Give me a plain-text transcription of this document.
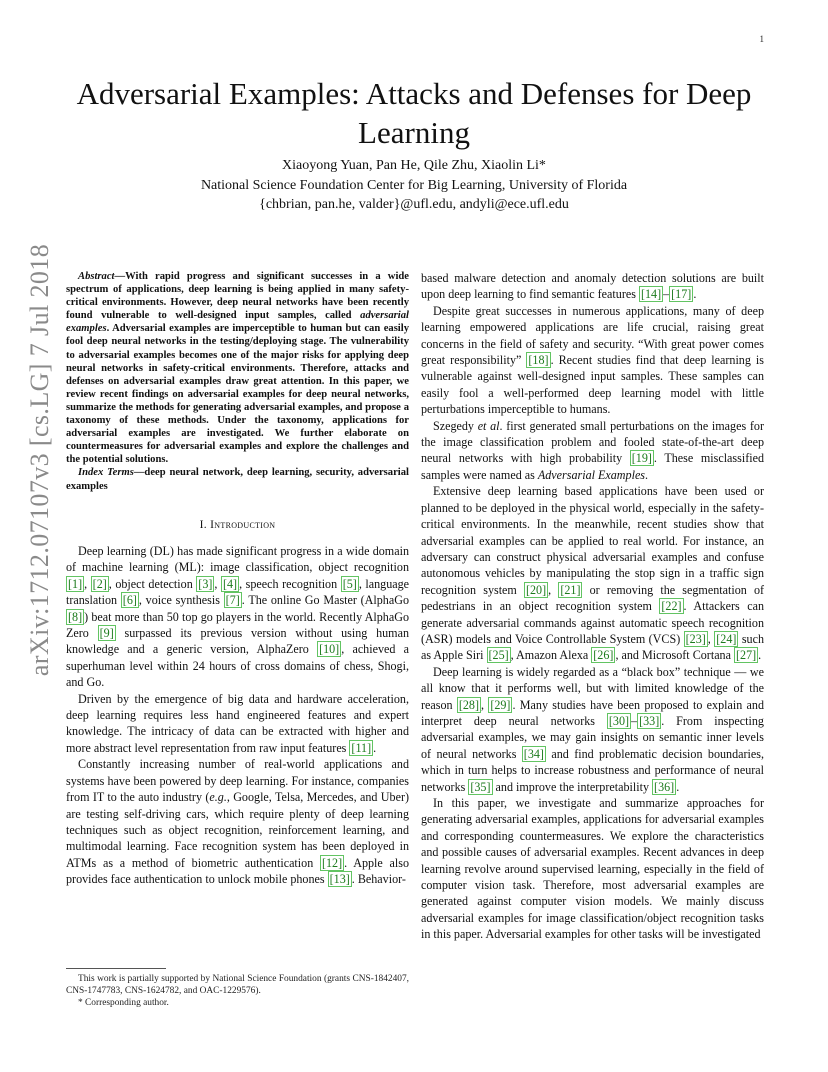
1
arXiv:1712.07107v3 [cs.LG] 7 Jul 2018
Adversarial Examples: Attacks and Defenses for Deep Learning
Xiaoyong Yuan, Pan He, Qile Zhu, Xiaolin Li*
National Science Foundation Center for Big Learning, University of Florida
{chbrian, pan.he, valder}@ufl.edu, andyli@ece.ufl.edu

Abstract—With rapid progress and significant successes in a wide spectrum of applications, deep learning is being applied in many safety-critical environments. However, deep neural networks have been recently found vulnerable to well-designed input samples, called adversarial examples. Adversarial examples are imperceptible to human but can easily fool deep neural networks in the testing/deploying stage. The vulnerability to adversarial examples becomes one of the major risks for applying deep neural networks in safety-critical environments. Therefore, attacks and defenses on adversarial examples draw great attention. In this paper, we review recent findings on adversarial examples for deep neural networks, summarize the methods for generating adversarial examples, and propose a taxonomy of these methods. Under the taxonomy, applications for adversarial examples are investigated. We further elaborate on countermeasures for adversarial examples and explore the challenges and the potential solutions.

Index Terms—deep neural network, deep learning, security, adversarial examples

I. Introduction

Deep learning (DL) has made significant progress in a wide domain of machine learning (ML): image classification, object recognition [1] , [2] , object detection [3] , [4] , speech recognition [5] , language translation [6] , voice synthesis [7] . The online Go Master (AlphaGo [8] ) beat more than 50 top go players in the world. Recently AlphaGo Zero [9] surpassed its previous version without using human knowledge and a generic version, AlphaZero [10] , achieved a superhuman level within 24 hours of cross domains of chess, Shogi, and Go.

Driven by the emergence of big data and hardware acceleration, deep learning requires less hand engineered features and expert knowledge. The intricacy of data can be extracted with higher and more abstract level representation from raw input features [11] .

Constantly increasing number of real-world applications and systems have been powered by deep learning. For instance, companies from IT to the auto industry (e.g., Google, Telsa, Mercedes, and Uber) are testing self-driving cars, which require plenty of deep learning techniques such as object recognition, reinforcement learning, and multimodal learning. Face recognition system has been deployed in ATMs as a method of biometric authentication [12] . Apple also provides face authentication to unlock mobile phones [13] . Behavior-

This work is partially supported by National Science Foundation (grants CNS-1842407, CNS-1747783, CNS-1624782, and OAC-1229576).

* Corresponding author.

based malware detection and anomaly detection solutions are built upon deep learning to find semantic features [14] – [17] .

Despite great successes in numerous applications, many of deep learning empowered applications are life crucial, raising great concerns in the field of safety and security. “With great power comes great responsibility” [18] . Recent studies find that deep learning is vulnerable against well-designed input samples. These samples can easily fool a well-performed deep learning model with little perturbations imperceptible to humans.

Szegedy et al. first generated small perturbations on the images for the image classification problem and fooled state-of-the-art deep neural networks with high probability [19] . These misclassified samples were named as Adversarial Examples.

Extensive deep learning based applications have been used or planned to be deployed in the physical world, especially in the safety-critical environments. In the meanwhile, recent studies show that adversarial examples can be applied to real world. For instance, an adversary can construct physical adversarial examples and confuse autonomous vehicles by manipulating the stop sign in a traffic sign recognition system [20] , [21] or removing the segmentation of pedestrians in an object recognition system [22] . Attackers can generate adversarial commands against automatic speech recognition (ASR) models and Voice Controllable System (VCS) [23] , [24] such as Apple Siri [25] , Amazon Alexa [26] , and Microsoft Cortana [27] .

Deep learning is widely regarded as a “black box” technique — we all know that it performs well, but with limited knowledge of the reason [28] , [29] . Many studies have been proposed to explain and interpret deep neural networks [30] – [33] . From inspecting adversarial examples, we may gain insights on semantic inner levels of neural networks [34] and find problematic decision boundaries, which in turn helps to increase robustness and performance of neural networks [35] and improve the interpretability [36] .

In this paper, we investigate and summarize approaches for generating adversarial examples, applications for adversarial examples and corresponding countermeasures. We explore the characteristics and possible causes of adversarial examples. Recent advances in deep learning revolve around supervised learning, especially in the field of computer vision task. Therefore, most adversarial examples are generated against computer vision models. We mainly discuss adversarial examples for image classification/object recognition tasks in this paper. Adversarial examples for other tasks will be investigated
